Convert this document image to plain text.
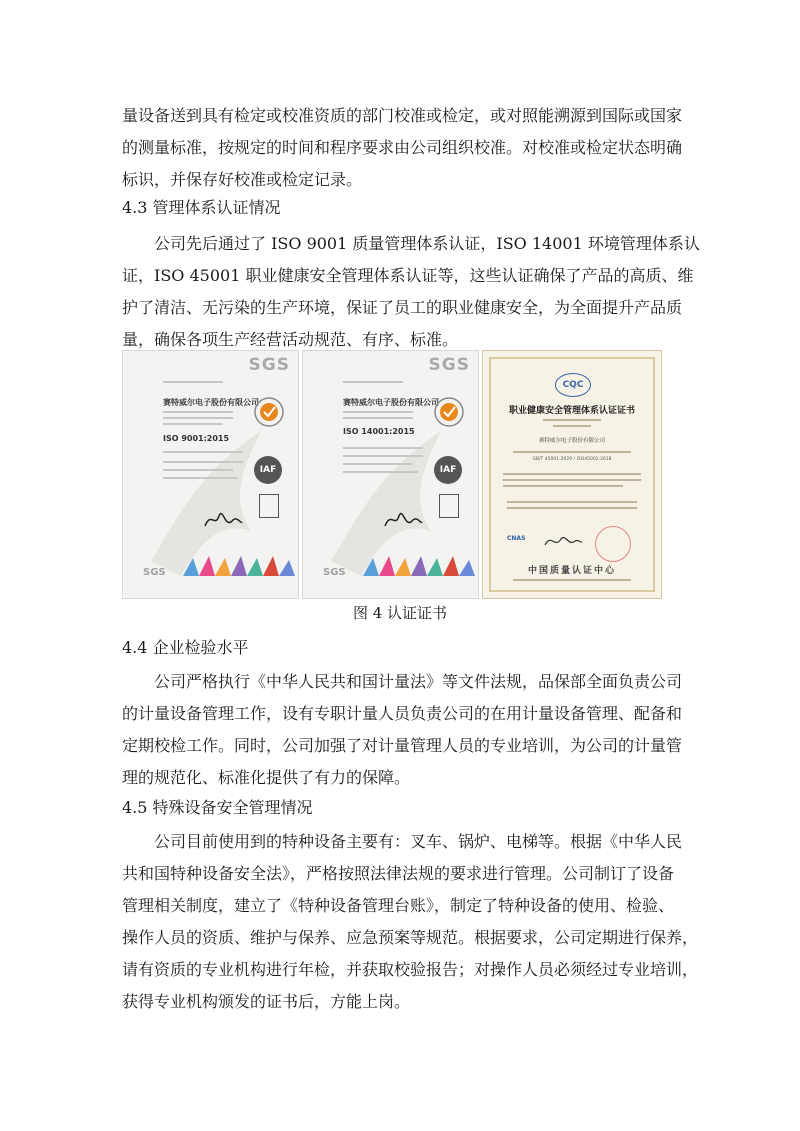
量设备送到具有检定或校准资质的部门校准或检定，或对照能溯源到国际或国家
的测量标准，按规定的时间和程序要求由公司组织校准。对校准或检定状态明确
标识，并保存好校准或检定记录。

4.3 管理体系认证情况

　　公司先后通过了 ISO 9001 质量管理体系认证，ISO 14001 环境管理体系认
证，ISO 45001 职业健康安全管理体系认证等，这些认证确保了产品的高质、维
护了清洁、无污染的生产环境，保证了员工的职业健康安全，为全面提升产品质
量，确保各项生产经营活动规范、有序、标准。

SGS
赛特威尔电子股份有限公司
ISO 9001:2015
IAF
SGS
SGS
赛特威尔电子股份有限公司
ISO 14001:2015
IAF
SGS
CQC
职业健康安全管理体系认证证书
赛特威尔电子股份有限公司
GB/T 45001-2020 / ISO45001:2018
CNAS
中国质量认证中心
图 4 认证证书
4.4 企业检验水平

　　公司严格执行《中华人民共和国计量法》等文件法规，品保部全面负责公司
的计量设备管理工作，设有专职计量人员负责公司的在用计量设备管理、配备和
定期校检工作。同时，公司加强了对计量管理人员的专业培训，为公司的计量管
理的规范化、标准化提供了有力的保障。

4.5 特殊设备安全管理情况

　　公司目前使用到的特种设备主要有：叉车、锅炉、电梯等。根据《中华人民
共和国特种设备安全法》，严格按照法律法规的要求进行管理。公司制订了设备
管理相关制度，建立了《特种设备管理台账》，制定了特种设备的使用、检验、
操作人员的资质、维护与保养、应急预案等规范。根据要求，公司定期进行保养，
请有资质的专业机构进行年检，并获取校验报告；对操作人员必须经过专业培训，
获得专业机构颁发的证书后，方能上岗。
